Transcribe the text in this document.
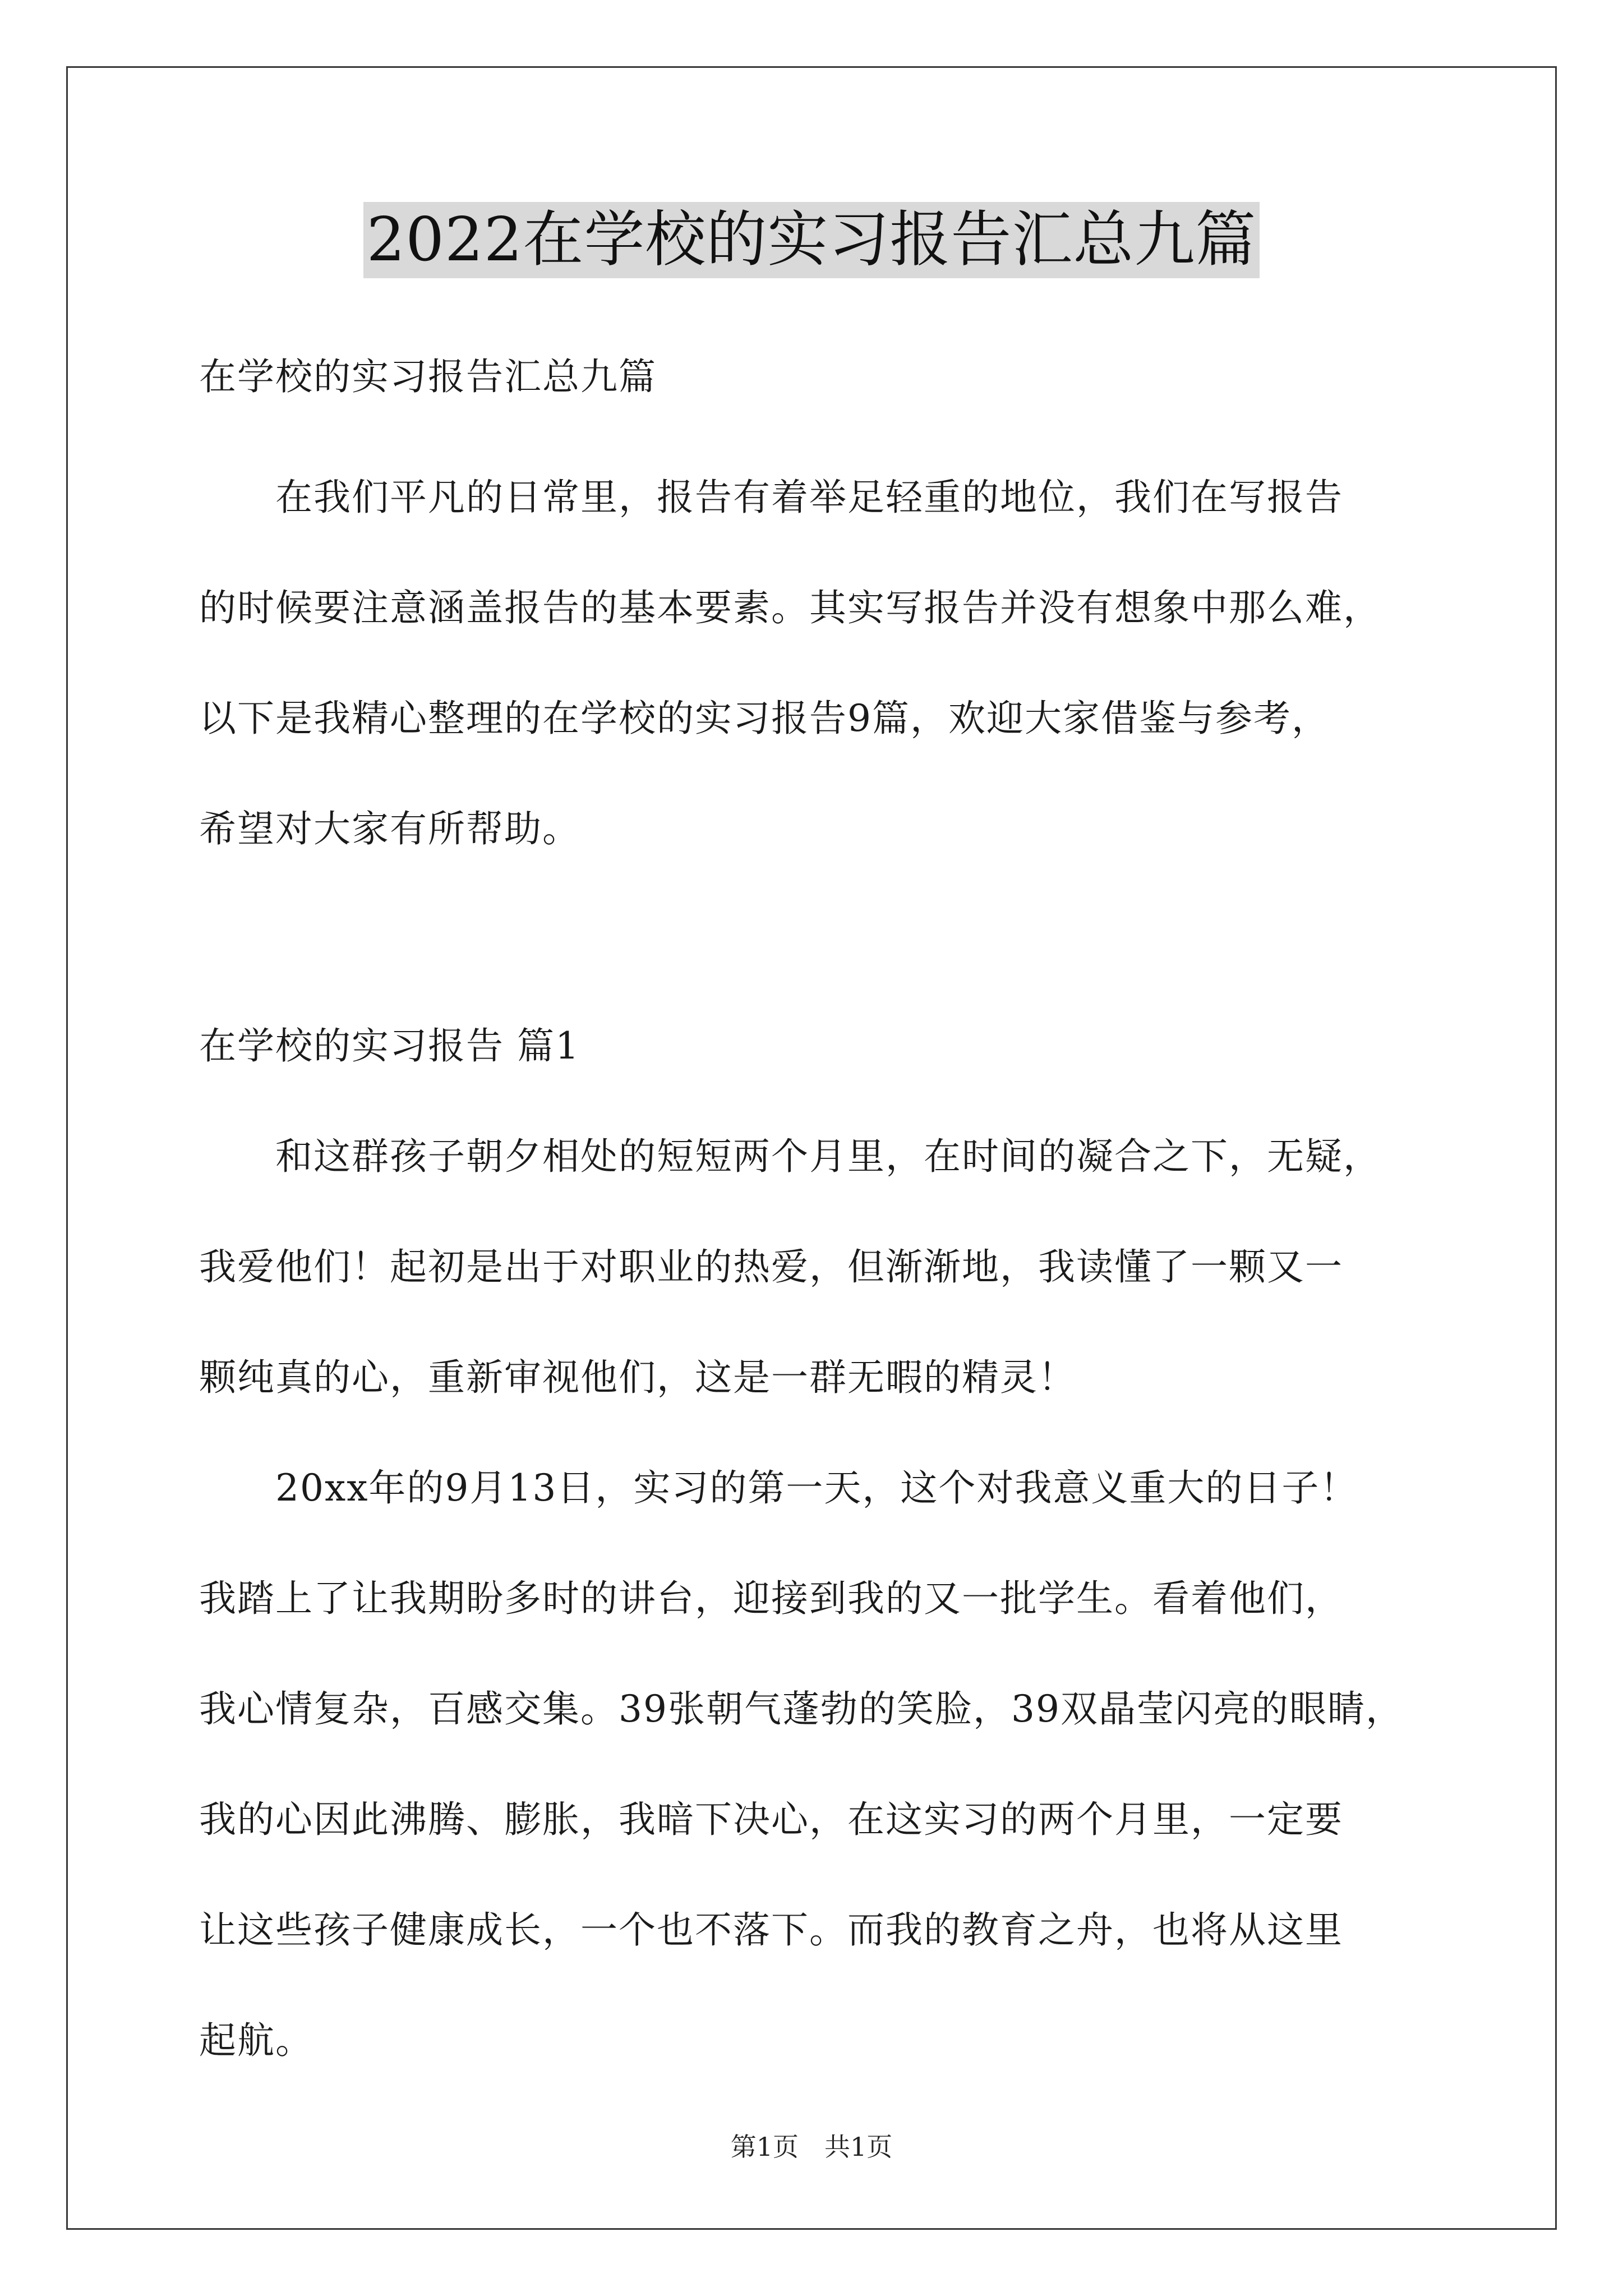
2022在学校的实习报告汇总九篇
在学校的实习报告汇总九篇
　　在我们平凡的日常里，报告有着举足轻重的地位，我们在写报告
的时候要注意涵盖报告的基本要素。其实写报告并没有想象中那么难，
以下是我精心整理的在学校的实习报告9篇，欢迎大家借鉴与参考，
希望对大家有所帮助。
在学校的实习报告 篇1
　　和这群孩子朝夕相处的短短两个月里，在时间的凝合之下，无疑，
我爱他们！起初是出于对职业的热爱，但渐渐地，我读懂了一颗又一
颗纯真的心，重新审视他们，这是一群无暇的精灵！
　　20xx年的9月13日，实习的第一天，这个对我意义重大的日子！
我踏上了让我期盼多时的讲台，迎接到我的又一批学生。看着他们，
我心情复杂，百感交集。39张朝气蓬勃的笑脸，39双晶莹闪亮的眼睛，
我的心因此沸腾、膨胀，我暗下决心，在这实习的两个月里，一定要
让这些孩子健康成长，一个也不落下。而我的教育之舟，也将从这里
起航。
第1页　共1页
